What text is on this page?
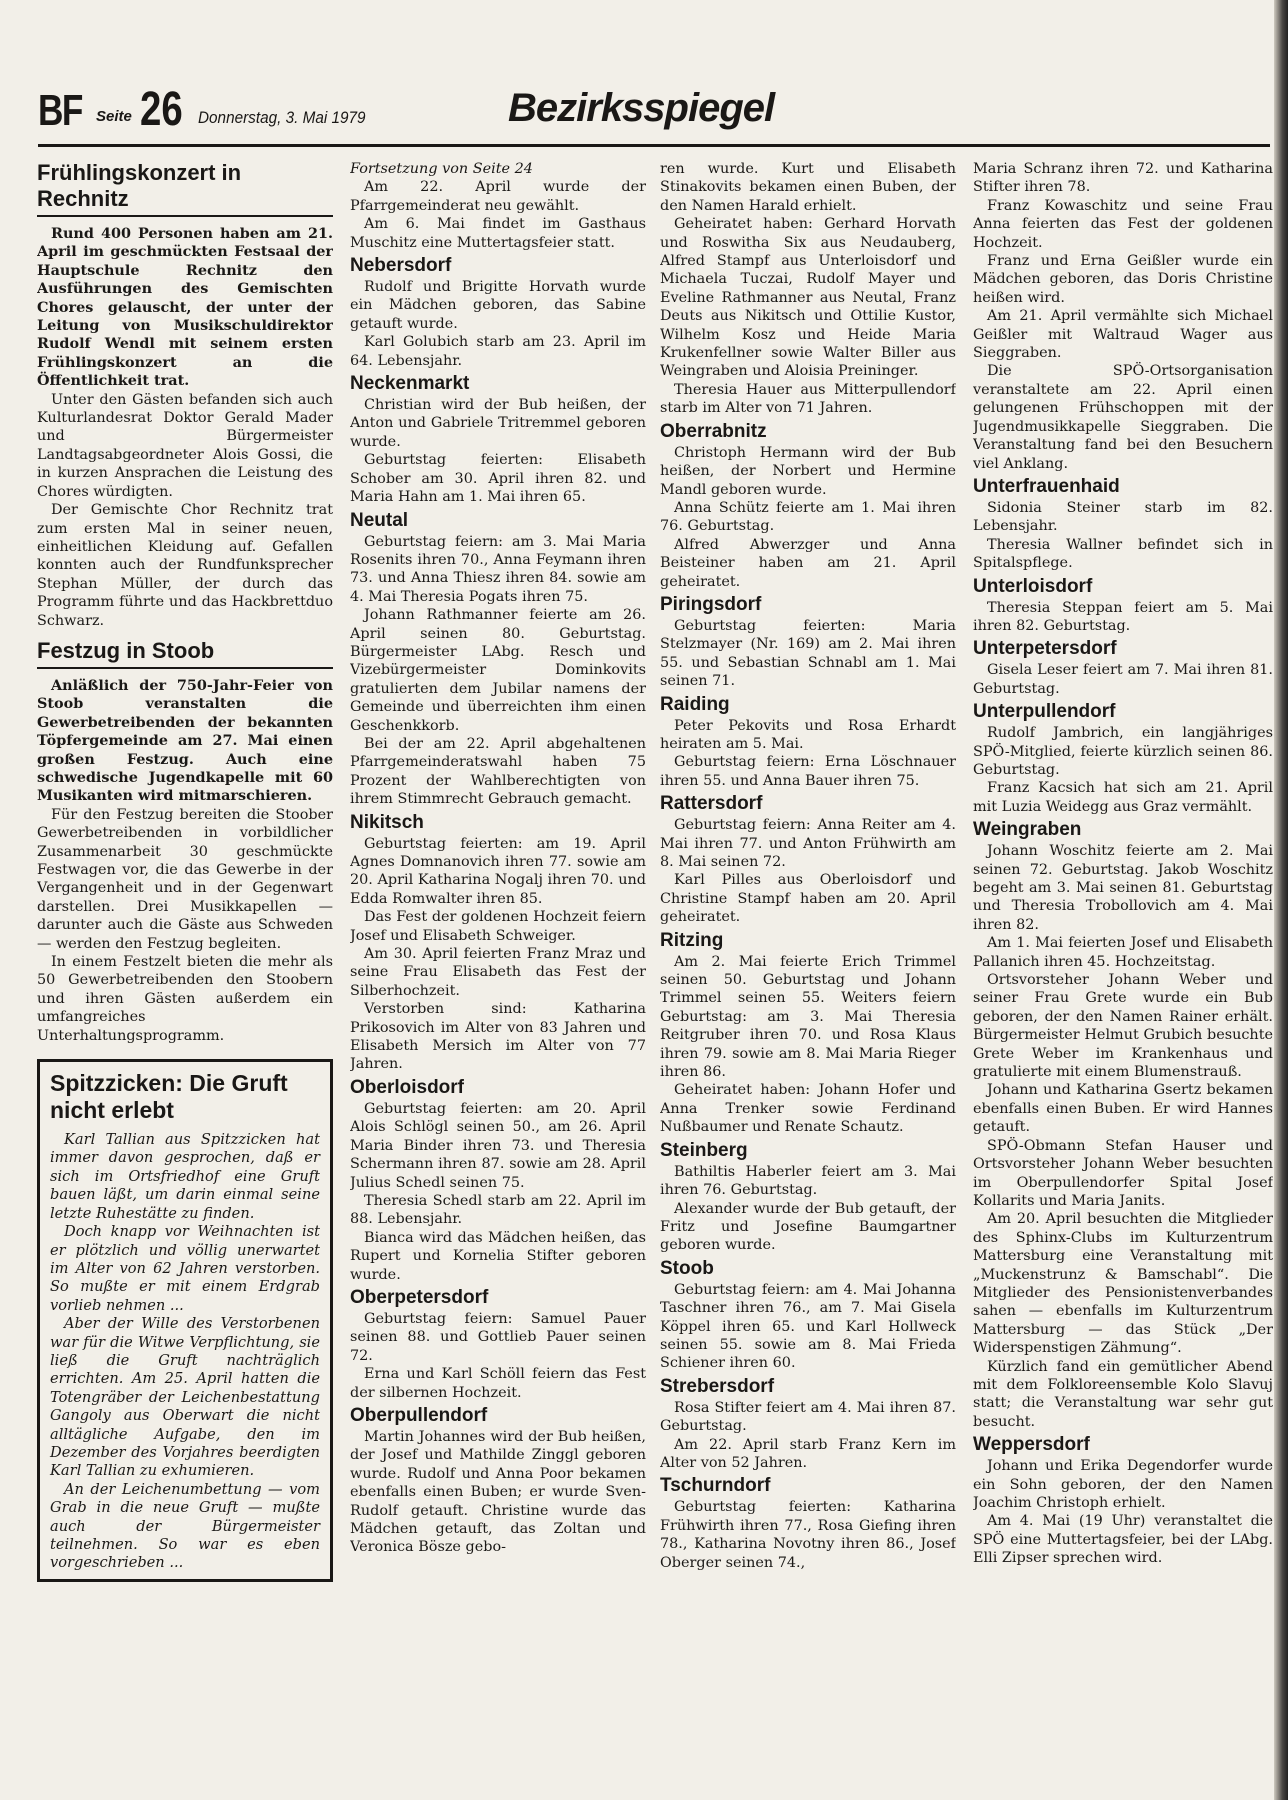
BF Seite 26 Donnerstag, 3. Mai 1979	Bezirksspiegel
Frühlingskonzert in Rechnitz

Rund 400 Personen haben am 21. April im geschmückten Festsaal der Hauptschule Rechnitz den Ausführungen des Gemischten Chores gelauscht, der unter der Leitung von Musikschuldirektor Rudolf Wendl mit seinem ersten Frühlingskonzert an die Öffentlichkeit trat.

Unter den Gästen befanden sich auch Kulturlandesrat Doktor Gerald Mader und Bürgermeister Landtagsabgeordneter Alois Gossi, die in kurzen Ansprachen die Leistung des Chores würdigten.

Der Gemischte Chor Rechnitz trat zum ersten Mal in seiner neuen, einheitlichen Kleidung auf. Gefallen konnten auch der Rundfunksprecher Stephan Müller, der durch das Programm führte und das Hackbrettduo Schwarz.

Festzug in Stoob

Anläßlich der 750-Jahr-Feier von Stoob veranstalten die Gewerbetreibenden der bekannten Töpfergemeinde am 27. Mai einen großen Festzug. Auch eine schwedische Jugendkapelle mit 60 Musikanten wird mitmarschieren.

Für den Festzug bereiten die Stoober Gewerbetreibenden in vorbildlicher Zusammenarbeit 30 geschmückte Festwagen vor, die das Gewerbe in der Vergangenheit und in der Gegenwart darstellen. Drei Musikkapellen — darunter auch die Gäste aus Schweden — werden den Festzug begleiten.

In einem Festzelt bieten die mehr als 50 Gewerbetreibenden den Stoobern und ihren Gästen außerdem ein umfangreiches Unterhaltungsprogramm.

Spitzzicken: Die Gruft nicht erlebt

Karl Tallian aus Spitzzicken hat immer davon gesprochen, daß er sich im Ortsfriedhof eine Gruft bauen läßt, um darin einmal seine letzte Ruhestätte zu finden.

Doch knapp vor Weihnachten ist er plötzlich und völlig unerwartet im Alter von 62 Jahren verstorben. So mußte er mit einem Erdgrab vorlieb nehmen ...

Aber der Wille des Verstorbenen war für die Witwe Verpflichtung, sie ließ die Gruft nachträglich errichten. Am 25. April hatten die Totengräber der Leichenbestattung Gangoly aus Oberwart die nicht alltägliche Aufgabe, den im Dezember des Vorjahres beerdigten Karl Tallian zu exhumieren.

An der Leichenumbettung — vom Grab in die neue Gruft — mußte auch der Bürgermeister teilnehmen. So war es eben vorgeschrieben ...

Fortsetzung von Seite 24

Am 22. April wurde der Pfarrgemeinderat neu gewählt.

Am 6. Mai findet im Gasthaus Muschitz eine Muttertagsfeier statt.

Nebersdorf

Rudolf und Brigitte Horvath wurde ein Mädchen geboren, das Sabine getauft wurde.

Karl Golubich starb am 23. April im 64. Lebensjahr.

Neckenmarkt

Christian wird der Bub heißen, der Anton und Gabriele Tritremmel geboren wurde.

Geburtstag feierten: Elisabeth Schober am 30. April ihren 82. und Maria Hahn am 1. Mai ihren 65.

Neutal

Geburtstag feiern: am 3. Mai Maria Rosenits ihren 70., Anna Feymann ihren 73. und Anna Thiesz ihren 84. sowie am 4. Mai Theresia Pogats ihren 75.

Johann Rathmanner feierte am 26. April seinen 80. Geburtstag. Bürgermeister LAbg. Resch und Vizebürgermeister Dominkovits gratulierten dem Jubilar namens der Gemeinde und überreichten ihm einen Geschenkkorb.

Bei der am 22. April abgehaltenen Pfarrgemeinderatswahl haben 75 Prozent der Wahlberechtigten von ihrem Stimmrecht Gebrauch gemacht.

Nikitsch

Geburtstag feierten: am 19. April Agnes Domnanovich ihren 77. sowie am 20. April Katharina Nogalj ihren 70. und Edda Romwalter ihren 85.

Das Fest der goldenen Hochzeit feiern Josef und Elisabeth Schweiger.

Am 30. April feierten Franz Mraz und seine Frau Elisabeth das Fest der Silberhochzeit.

Verstorben sind: Katharina Prikosovich im Alter von 83 Jahren und Elisabeth Mersich im Alter von 77 Jahren.

Oberloisdorf

Geburtstag feierten: am 20. April Alois Schlögl seinen 50., am 26. April Maria Binder ihren 73. und Theresia Schermann ihren 87. sowie am 28. April Julius Schedl seinen 75.

Theresia Schedl starb am 22. April im 88. Lebensjahr.

Bianca wird das Mädchen heißen, das Rupert und Kornelia Stifter geboren wurde.

Oberpetersdorf

Geburtstag feiern: Samuel Pauer seinen 88. und Gottlieb Pauer seinen 72.

Erna und Karl Schöll feiern das Fest der silbernen Hochzeit.

Oberpullendorf

Martin Johannes wird der Bub heißen, der Josef und Mathilde Zinggl geboren wurde. Rudolf und Anna Poor bekamen ebenfalls einen Buben; er wurde Sven-Rudolf getauft. Christine wurde das Mädchen getauft, das Zoltan und Veronica Bösze gebo-

ren wurde. Kurt und Elisabeth Stinakovits bekamen einen Buben, der den Namen Harald erhielt.

Geheiratet haben: Gerhard Horvath und Roswitha Six aus Neudauberg, Alfred Stampf aus Unterloisdorf und Michaela Tuczai, Rudolf Mayer und Eveline Rathmanner aus Neutal, Franz Deuts aus Nikitsch und Ottilie Kustor, Wilhelm Kosz und Heide Maria Krukenfellner sowie Walter Biller aus Weingraben und Aloisia Preininger.

Theresia Hauer aus Mitterpullendorf starb im Alter von 71 Jahren.

Oberrabnitz

Christoph Hermann wird der Bub heißen, der Norbert und Hermine Mandl geboren wurde.

Anna Schütz feierte am 1. Mai ihren 76. Geburtstag.

Alfred Abwerzger und Anna Beisteiner haben am 21. April geheiratet.

Piringsdorf

Geburtstag feierten: Maria Stelzmayer (Nr. 169) am 2. Mai ihren 55. und Sebastian Schnabl am 1. Mai seinen 71.

Raiding

Peter Pekovits und Rosa Erhardt heiraten am 5. Mai.

Geburtstag feiern: Erna Löschnauer ihren 55. und Anna Bauer ihren 75.

Rattersdorf

Geburtstag feiern: Anna Reiter am 4. Mai ihren 77. und Anton Frühwirth am 8. Mai seinen 72.

Karl Pilles aus Oberloisdorf und Christine Stampf haben am 20. April geheiratet.

Ritzing

Am 2. Mai feierte Erich Trimmel seinen 50. Geburtstag und Johann Trimmel seinen 55. Weiters feiern Geburtstag: am 3. Mai Theresia Reitgruber ihren 70. und Rosa Klaus ihren 79. sowie am 8. Mai Maria Rieger ihren 86.

Geheiratet haben: Johann Hofer und Anna Trenker sowie Ferdinand Nußbaumer und Renate Schautz.

Steinberg

Bathiltis Haberler feiert am 3. Mai ihren 76. Geburtstag.

Alexander wurde der Bub getauft, der Fritz und Josefine Baumgartner geboren wurde.

Stoob

Geburtstag feiern: am 4. Mai Johanna Taschner ihren 76., am 7. Mai Gisela Köppel ihren 65. und Karl Hollweck seinen 55. sowie am 8. Mai Frieda Schiener ihren 60.

Strebersdorf

Rosa Stifter feiert am 4. Mai ihren 87. Geburtstag.

Am 22. April starb Franz Kern im Alter von 52 Jahren.

Tschurndorf

Geburtstag feierten: Katharina Frühwirth ihren 77., Rosa Giefing ihren 78., Katharina Novotny ihren 86., Josef Oberger seinen 74.,

Maria Schranz ihren 72. und Katharina Stifter ihren 78.

Franz Kowaschitz und seine Frau Anna feierten das Fest der goldenen Hochzeit.

Franz und Erna Geißler wurde ein Mädchen geboren, das Doris Christine heißen wird.

Am 21. April vermählte sich Michael Geißler mit Waltraud Wager aus Sieggraben.

Die SPÖ-Ortsorganisation veranstaltete am 22. April einen gelungenen Frühschoppen mit der Jugendmusikkapelle Sieggraben. Die Veranstaltung fand bei den Besuchern viel Anklang.

Unterfrauenhaid

Sidonia Steiner starb im 82. Lebensjahr.

Theresia Wallner befindet sich in Spitalspflege.

Unterloisdorf

Theresia Steppan feiert am 5. Mai ihren 82. Geburtstag.

Unterpetersdorf

Gisela Leser feiert am 7. Mai ihren 81. Geburtstag.

Unterpullendorf

Rudolf Jambrich, ein langjähriges SPÖ-Mitglied, feierte kürzlich seinen 86. Geburtstag.

Franz Kacsich hat sich am 21. April mit Luzia Weidegg aus Graz vermählt.

Weingraben

Johann Woschitz feierte am 2. Mai seinen 72. Geburtstag. Jakob Woschitz begeht am 3. Mai seinen 81. Geburtstag und Theresia Trobollovich am 4. Mai ihren 82.

Am 1. Mai feierten Josef und Elisabeth Pallanich ihren 45. Hochzeitstag.

Ortsvorsteher Johann Weber und seiner Frau Grete wurde ein Bub geboren, der den Namen Rainer erhält. Bürgermeister Helmut Grubich besuchte Grete Weber im Krankenhaus und gratulierte mit einem Blumenstrauß.

Johann und Katharina Gsertz bekamen ebenfalls einen Buben. Er wird Hannes getauft.

SPÖ-Obmann Stefan Hauser und Ortsvorsteher Johann Weber besuchten im Oberpullendorfer Spital Josef Kollarits und Maria Janits.

Am 20. April besuchten die Mitglieder des Sphinx-Clubs im Kulturzentrum Mattersburg eine Veranstaltung mit „Muckenstrunz & Bamschabl“. Die Mitglieder des Pensionistenverbandes sahen — ebenfalls im Kulturzentrum Mattersburg — das Stück „Der Widerspenstigen Zähmung“.

Kürzlich fand ein gemütlicher Abend mit dem Folkloreensemble Kolo Slavuj statt; die Veranstaltung war sehr gut besucht.

Weppersdorf

Johann und Erika Degendorfer wurde ein Sohn geboren, der den Namen Joachim Christoph erhielt.

Am 4. Mai (19 Uhr) veranstaltet die SPÖ eine Muttertagsfeier, bei der LAbg. Elli Zipser sprechen wird.
